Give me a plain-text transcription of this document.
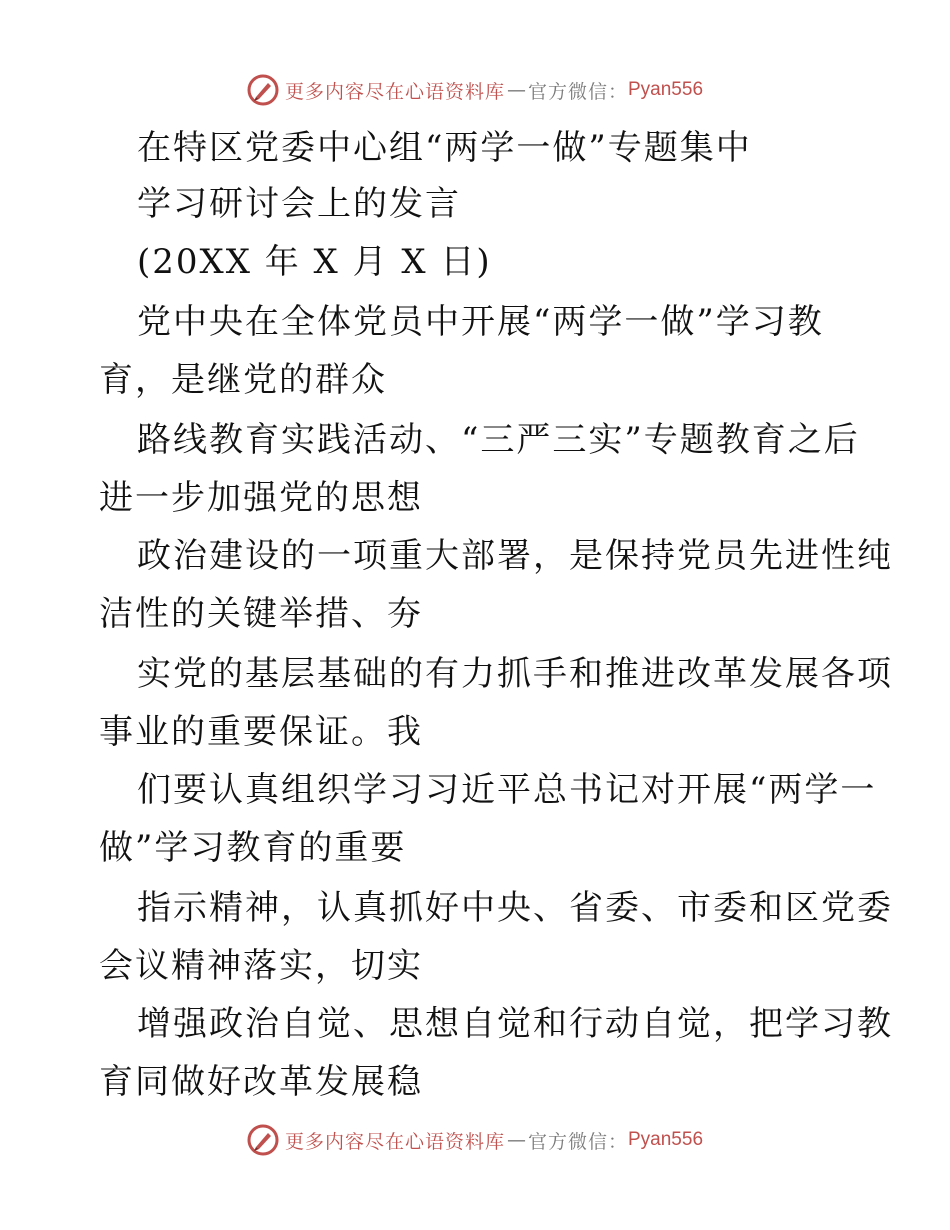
更多内容尽在心语资料库 — 官方微信： Pyan556
在特区党委中心组“两学一做”专题集中
学习研讨会上的发言
(20XX 年 X 月 X 日)
党中央在全体党员中开展“两学一做”学习教
育，是继党的群众
路线教育实践活动、“三严三实”专题教育之后
进一步加强党的思想
政治建设的一项重大部署，是保持党员先进性纯
洁性的关键举措、夯
实党的基层基础的有力抓手和推进改革发展各项
事业的重要保证。我
们要认真组织学习习近平总书记对开展“两学一
做”学习教育的重要
指示精神，认真抓好中央、省委、市委和区党委
会议精神落实，切实
增强政治自觉、思想自觉和行动自觉，把学习教
育同做好改革发展稳
更多内容尽在心语资料库 — 官方微信： Pyan556
